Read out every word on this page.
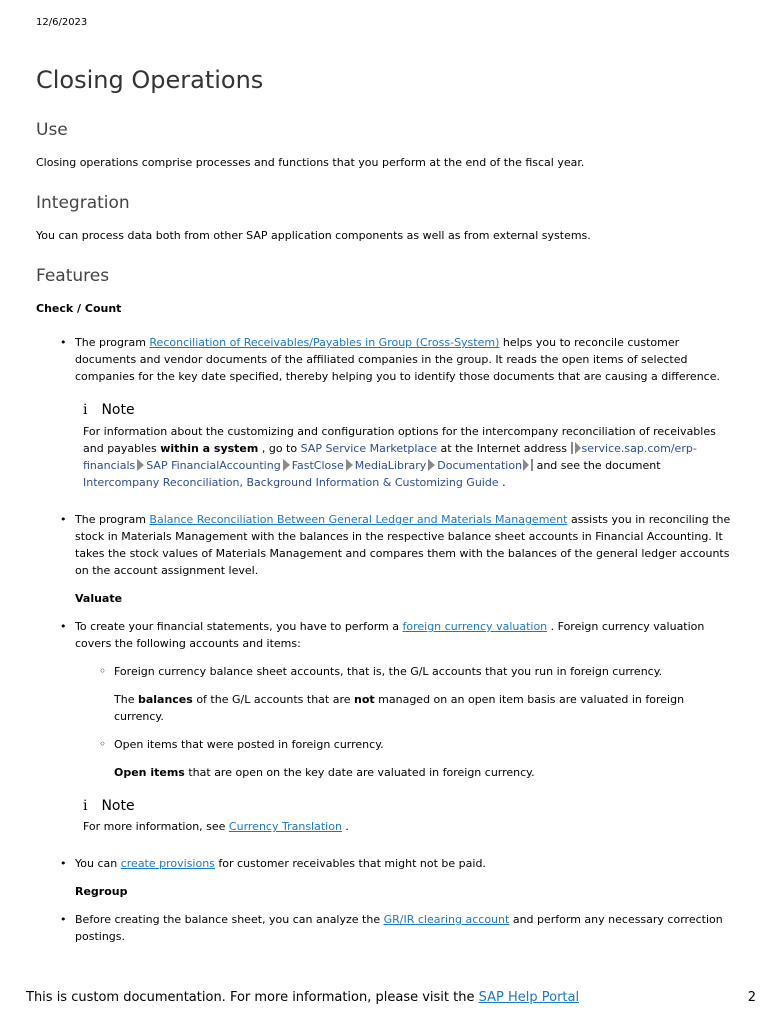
12/6/2023
Closing Operations
Use

Closing operations comprise processes and functions that you perform at the end of the fiscal year.

Integration

You can process data both from other SAP application components as well as from external systems.

Features

Check / Count

• The program Reconciliation of Receivables/Payables in Group (Cross-System) helps you to reconcile customer documents and vendor documents of the affiliated companies in the group. It reads the open items of selected companies for the key date specified, thereby helping you to identify those documents that are causing a difference.
i Note

For information about the customizing and configuration options for the intercompany reconciliation of receivables and payables within a system , go to SAP Service Marketplace at the Internet address service.sap.com/erp-financials SAP FinancialAccounting FastClose MediaLibrary Documentation and see the document Intercompany Reconciliation, Background Information & Customizing Guide .

• The program Balance Reconciliation Between General Ledger and Materials Management assists you in reconciling the stock in Materials Management with the balances in the respective balance sheet accounts in Financial Accounting. It takes the stock values of Materials Management and compares them with the balances of the general ledger accounts on the account assignment level.

Valuate

• To create your financial statements, you have to perform a foreign currency valuation . Foreign currency valuation covers the following accounts and items:
◦ Foreign currency balance sheet accounts, that is, the G/L accounts that you run in foreign currency.

The balances of the G/L accounts that are not managed on an open item basis are valuated in foreign currency.

◦ Open items that were posted in foreign currency.

Open items that are open on the key date are valuated in foreign currency.

i Note

For more information, see Currency Translation .

• You can create provisions for customer receivables that might not be paid.

Regroup

• Before creating the balance sheet, you can analyze the GR/IR clearing account and perform any necessary correction postings.
This is custom documentation. For more information, please visit the SAP Help Portal	2
